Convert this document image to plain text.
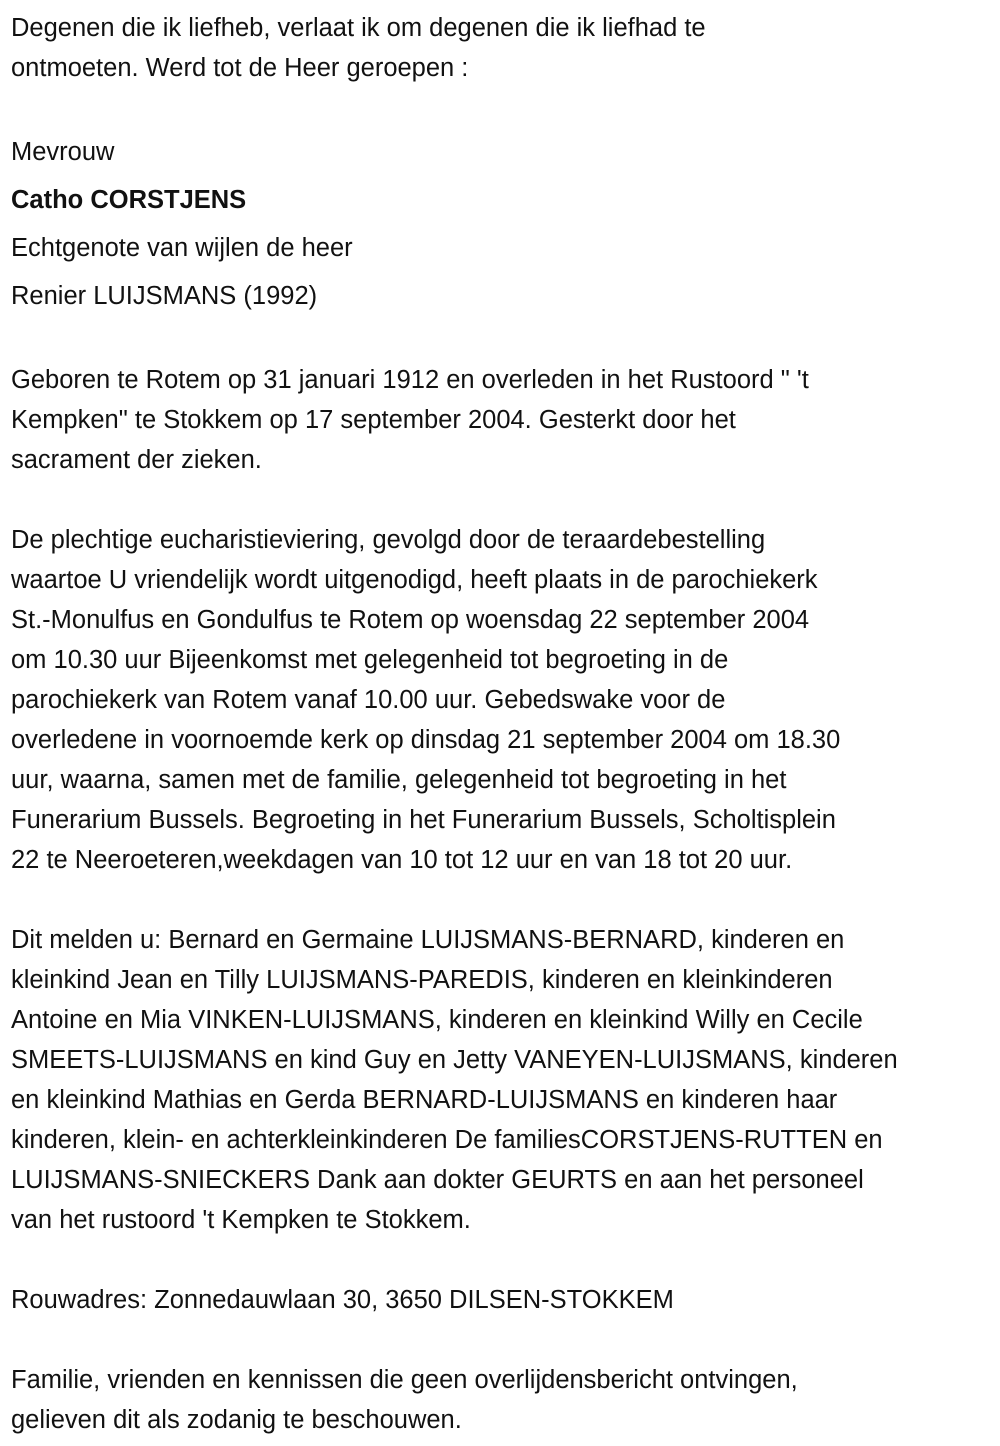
Degenen die ik liefheb, verlaat ik om degenen die ik liefhad te
ontmoeten. Werd tot de Heer geroepen :
Mevrouw
Catho CORSTJENS
Echtgenote van wijlen de heer
Renier LUIJSMANS (1992)
Geboren te Rotem op 31 januari 1912 en overleden in het Rustoord " 't
Kempken" te Stokkem op 17 september 2004. Gesterkt door het
sacrament der zieken.
De plechtige eucharistieviering, gevolgd door de teraardebestelling
waartoe U vriendelijk wordt uitgenodigd, heeft plaats in de parochiekerk
St.-Monulfus en Gondulfus te Rotem op woensdag 22 september 2004
om 10.30 uur Bijeenkomst met gelegenheid tot begroeting in de
parochiekerk van Rotem vanaf 10.00 uur. Gebedswake voor de
overledene in voornoemde kerk op dinsdag 21 september 2004 om 18.30
uur, waarna, samen met de familie, gelegenheid tot begroeting in het
Funerarium Bussels. Begroeting in het Funerarium Bussels, Scholtisplein
22 te Neeroeteren,weekdagen van 10 tot 12 uur en van 18 tot 20 uur.
Dit melden u: Bernard en Germaine LUIJSMANS-BERNARD, kinderen en
kleinkind Jean en Tilly LUIJSMANS-PAREDIS, kinderen en kleinkinderen
Antoine en Mia VINKEN-LUIJSMANS, kinderen en kleinkind Willy en Cecile
SMEETS-LUIJSMANS en kind Guy en Jetty VANEYEN-LUIJSMANS, kinderen
en kleinkind Mathias en Gerda BERNARD-LUIJSMANS en kinderen haar
kinderen, klein- en achterkleinkinderen De familiesCORSTJENS-RUTTEN en
LUIJSMANS-SNIECKERS Dank aan dokter GEURTS en aan het personeel
van het rustoord 't Kempken te Stokkem.
Rouwadres: Zonnedauwlaan 30, 3650 DILSEN-STOKKEM
Familie, vrienden en kennissen die geen overlijdensbericht ontvingen,
gelieven dit als zodanig te beschouwen.
